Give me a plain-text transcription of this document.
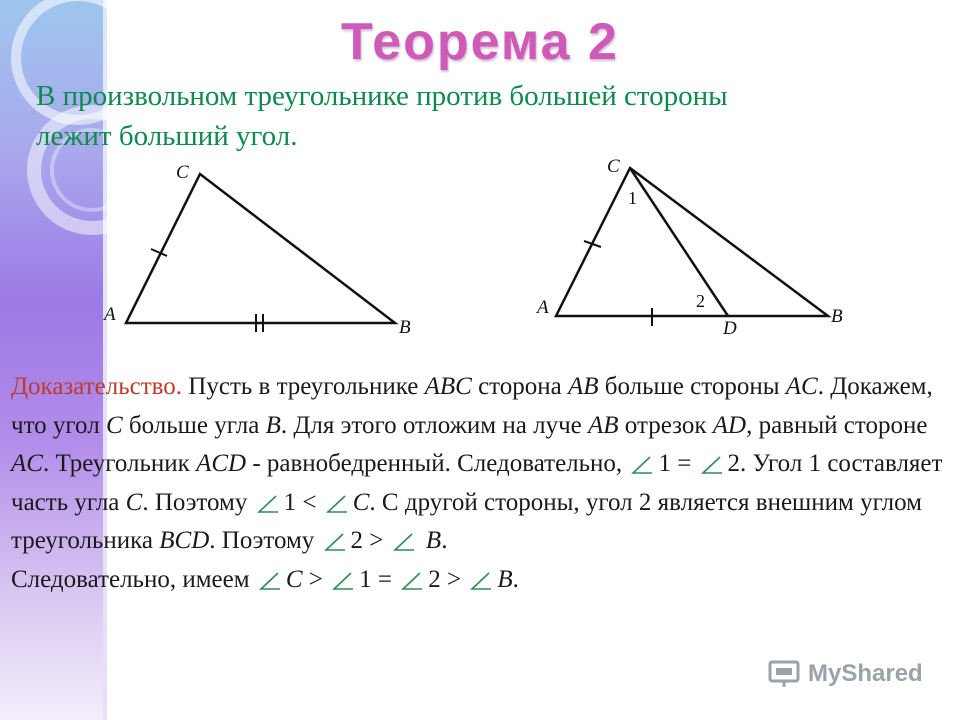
Теорема 2
В произвольном треугольнике против большей стороны
лежит больший угол.
A
C
B
A
C
B
D
1
2
Доказательство. Пусть в треугольнике ABC сторона AB больше стороны AC. Докажем, что угол C больше угла B. Для этого отложим на луче AB отрезок AD, равный стороне AC. Треугольник ACD - равнобедренный. Следовательно, 1 = 2. Угол 1 составляет часть угла C. Поэтому 1 < C. С другой стороны, угол 2 является внешним углом треугольника BCD. Поэтому 2 >  B.
Следовательно, имеем C > 1 = 2 > B.
MyShared
